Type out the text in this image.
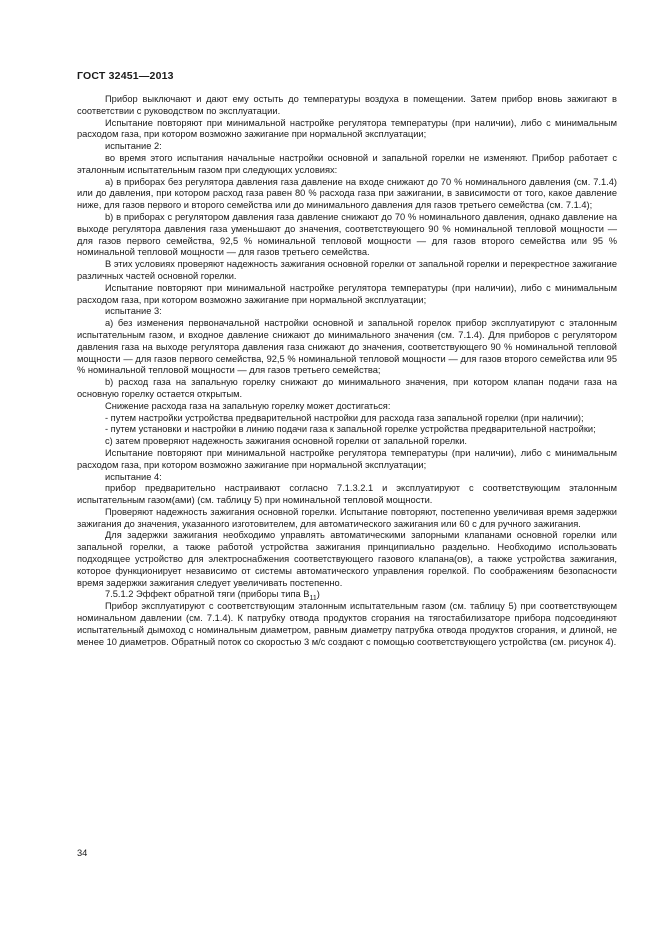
ГОСТ 32451—2013

Прибор выключают и дают ему остыть до температуры воздуха в помещении. Затем прибор вновь зажигают в соответствии с руководством по эксплуатации.

Испытание повторяют при минимальной настройке регулятора температуры (при наличии), либо с минимальным расходом газа, при котором возможно зажигание при нормальной эксплуатации;

испытание 2:

во время этого испытания начальные настройки основной и запальной горелки не изменяют. Прибор работает с эталонным испытательным газом при следующих условиях:

a) в приборах без регулятора давления газа давление на входе снижают до 70 % номинального давления (см. 7.1.4) или до давления, при котором расход газа равен 80 % расхода газа при зажигании, в зависимости от того, какое давление ниже, для газов первого и второго семейства или до минимального давления для газов третьего семейства (см. 7.1.4);

b) в приборах с регулятором давления газа давление снижают до 70 % номинального давления, однако давление на выходе регулятора давления газа уменьшают до значения, соответствующего 90 % номинальной тепловой мощности — для газов первого семейства, 92,5 % номинальной тепловой мощности — для газов второго семейства или 95 % номинальной тепловой мощности — для газов третьего семейства.

В этих условиях проверяют надежность зажигания основной горелки от запальной горелки и перекрестное зажигание различных частей основной горелки.

Испытание повторяют при минимальной настройке регулятора температуры (при наличии), либо с минимальным расходом газа, при котором возможно зажигание при нормальной эксплуатации;

испытание 3:

a) без изменения первоначальной настройки основной и запальной горелок прибор эксплуатируют с эталонным испытательным газом, и входное давление снижают до минимального значения (см. 7.1.4). Для приборов с регулятором давления газа на выходе регулятора давления газа снижают до значения, соответствующего 90 % номинальной тепловой мощности — для газов первого семейства, 92,5 % номинальной тепловой мощности — для газов второго семейства или 95 % номинальной тепловой мощности — для газов третьего семейства;

b) расход газа на запальную горелку снижают до минимального значения, при котором клапан подачи газа на основную горелку остается открытым.

Снижение расхода газа на запальную горелку может достигаться:

- путем настройки устройства предварительной настройки для расхода газа запальной горелки (при наличии);

- путем установки и настройки в линию подачи газа к запальной горелке устройства предварительной настройки;

c) затем проверяют надежность зажигания основной горелки от запальной горелки.

Испытание повторяют при минимальной настройке регулятора температуры (при наличии), либо с минимальным расходом газа, при котором возможно зажигание при нормальной эксплуатации;

испытание 4:

прибор предварительно настраивают согласно 7.1.3.2.1 и эксплуатируют с соответствующим эталонным испытательным газом(ами) (см. таблицу 5) при номинальной тепловой мощности.

Проверяют надежность зажигания основной горелки. Испытание повторяют, постепенно увеличивая время задержки зажигания до значения, указанного изготовителем, для автоматического зажигания или 60 с для ручного зажигания.

Для задержки зажигания необходимо управлять автоматическими запорными клапанами основной горелки или запальной горелки, а также работой устройства зажигания принципиально раздельно. Необходимо использовать подходящее устройство для электроснабжения соответствующего газового клапана(ов), а также устройства зажигания, которое функционирует независимо от системы автоматического управления горелкой. По соображениям безопасности время задержки зажигания следует увеличивать постепенно.

7.5.1.2 Эффект обратной тяги (приборы типа $B_{11}$)

Прибор эксплуатируют с соответствующим эталонным испытательным газом (см. таблицу 5) при соответствующем номинальном давлении (см. 7.1.4). К патрубку отвода продуктов сгорания на тягостабилизаторе прибора подсоединяют испытательный дымоход с номинальным диаметром, равным диаметру патрубка отвода продуктов сгорания, и длиной, не менее 10 диаметров. Обратный поток со скоростью 3 м/с создают с помощью соответствующего устройства (см. рисунок 4).

34
